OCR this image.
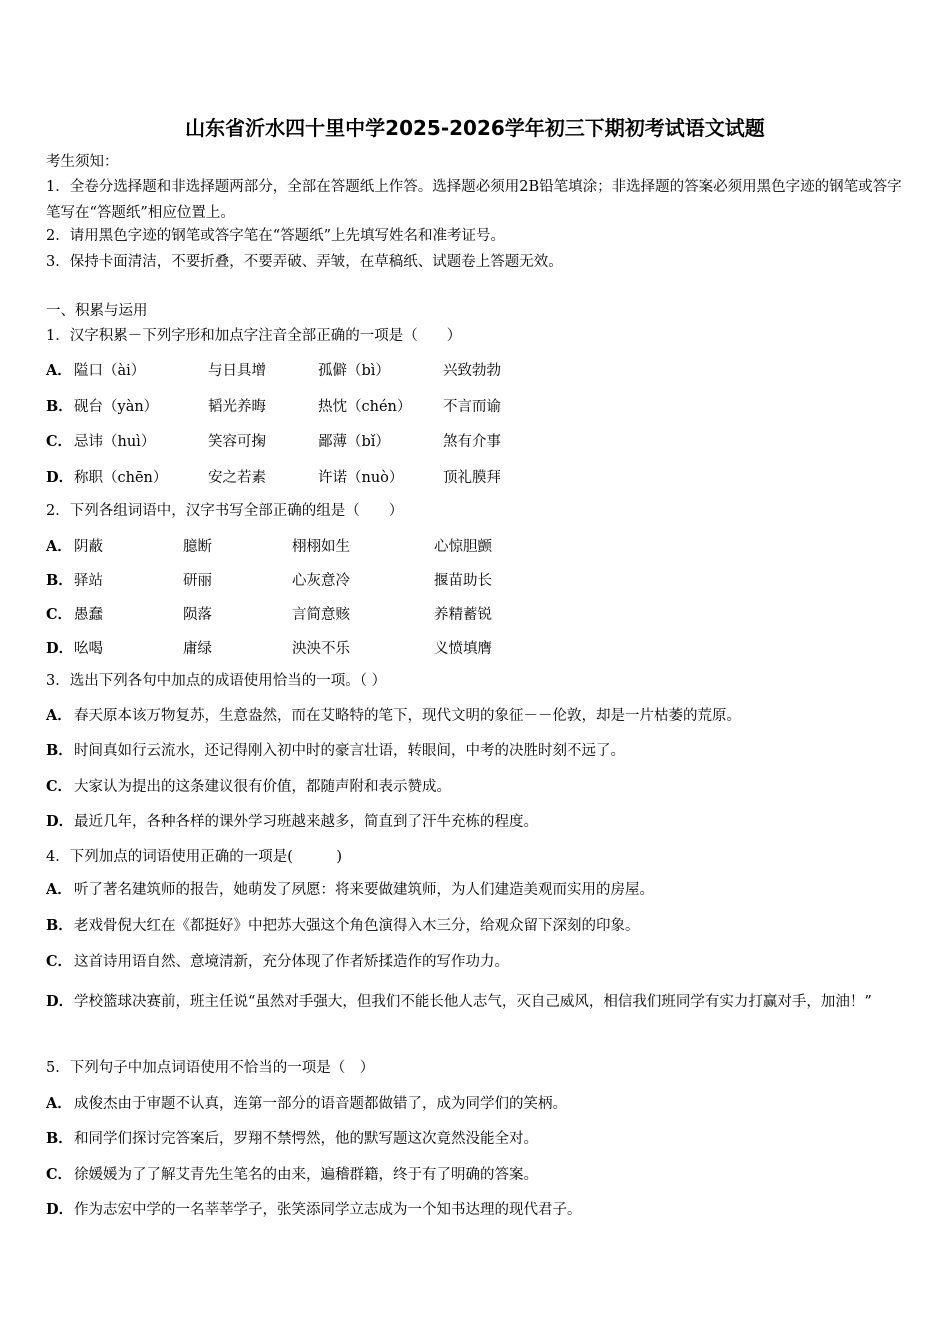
山东省沂水四十里中学2025-2026学年初三下期初考试语文试题
考生须知：
1．全卷分选择题和非选择题两部分，全部在答题纸上作答。选择题必须用2B铅笔填涂；非选择题的答案必须用黑色字迹的钢笔或答字笔写在“答题纸”相应位置上。
2．请用黑色字迹的钢笔或答字笔在“答题纸”上先填写姓名和准考证号。
3．保持卡面清洁，不要折叠，不要弄破、弄皱，在草稿纸、试题卷上答题无效。
一、积累与运用
1．汉字积累－下列字形和加点字注音全部正确的一项是（　　）
A． 隘口（ài）	与日具增	孤僻（bì）	兴致勃勃
B． 砚台（yàn）	韬光养晦	热忱（chén） 不言而谕
C． 忌讳（huì）	笑容可掬	鄙薄（bǐ）	煞有介事
D． 称职（chēn）	安之若素	许诺（nuò）	顶礼膜拜
2．下列各组词语中，汉字书写全部正确的组是（　　）
A． 阴蔽	臆断	栩栩如生	心惊胆颤
B． 驿站	研丽	心灰意冷	揠苗助长
C． 愚蠢	陨落	言简意赅	养精蓄锐
D． 吆喝	庸绿	泱泱不乐	义愤填膺
3．选出下列各句中加点的成语使用恰当的一项。（ ）
A． 春天原本该万物复苏，生意盎然，而在艾略特的笔下，现代文明的象征－－伦敦，却是一片枯萎的荒原。
B．时间真如行云流水，还记得刚入初中时的豪言壮语，转眼间，中考的决胜时刻不远了。
C． 大家认为提出的这条建议很有价值，都随声附和表示赞成。
D．最近几年，各种各样的课外学习班越来越多，简直到了汗牛充栋的程度。
4．下列加点的词语使用正确的一项是(　　　)
A． 听了著名建筑师的报告，她萌发了夙愿：将来要做建筑师，为人们建造美观而实用的房屋。
B．老戏骨倪大红在《都挺好》中把苏大强这个角色演得入木三分，给观众留下深刻的印象。
C． 这首诗用语自然、意境清新，充分体现了作者矫揉造作的写作功力。
D．学校篮球决赛前，班主任说“虽然对手强大，但我们不能长他人志气，灭自己威风，相信我们班同学有实力打赢对手，加油！”
5．下列句子中加点词语使用不恰当的一项是（　）
A． 成俊杰由于审题不认真，连第一部分的语音题都做错了，成为同学们的笑柄。
B．和同学们探讨完答案后，罗翔不禁愕然，他的默写题这次竟然没能全对。
C． 徐媛媛为了了解艾青先生笔名的由来，遍稽群籍，终于有了明确的答案。
D．作为志宏中学的一名莘莘学子，张笑添同学立志成为一个知书达理的现代君子。
